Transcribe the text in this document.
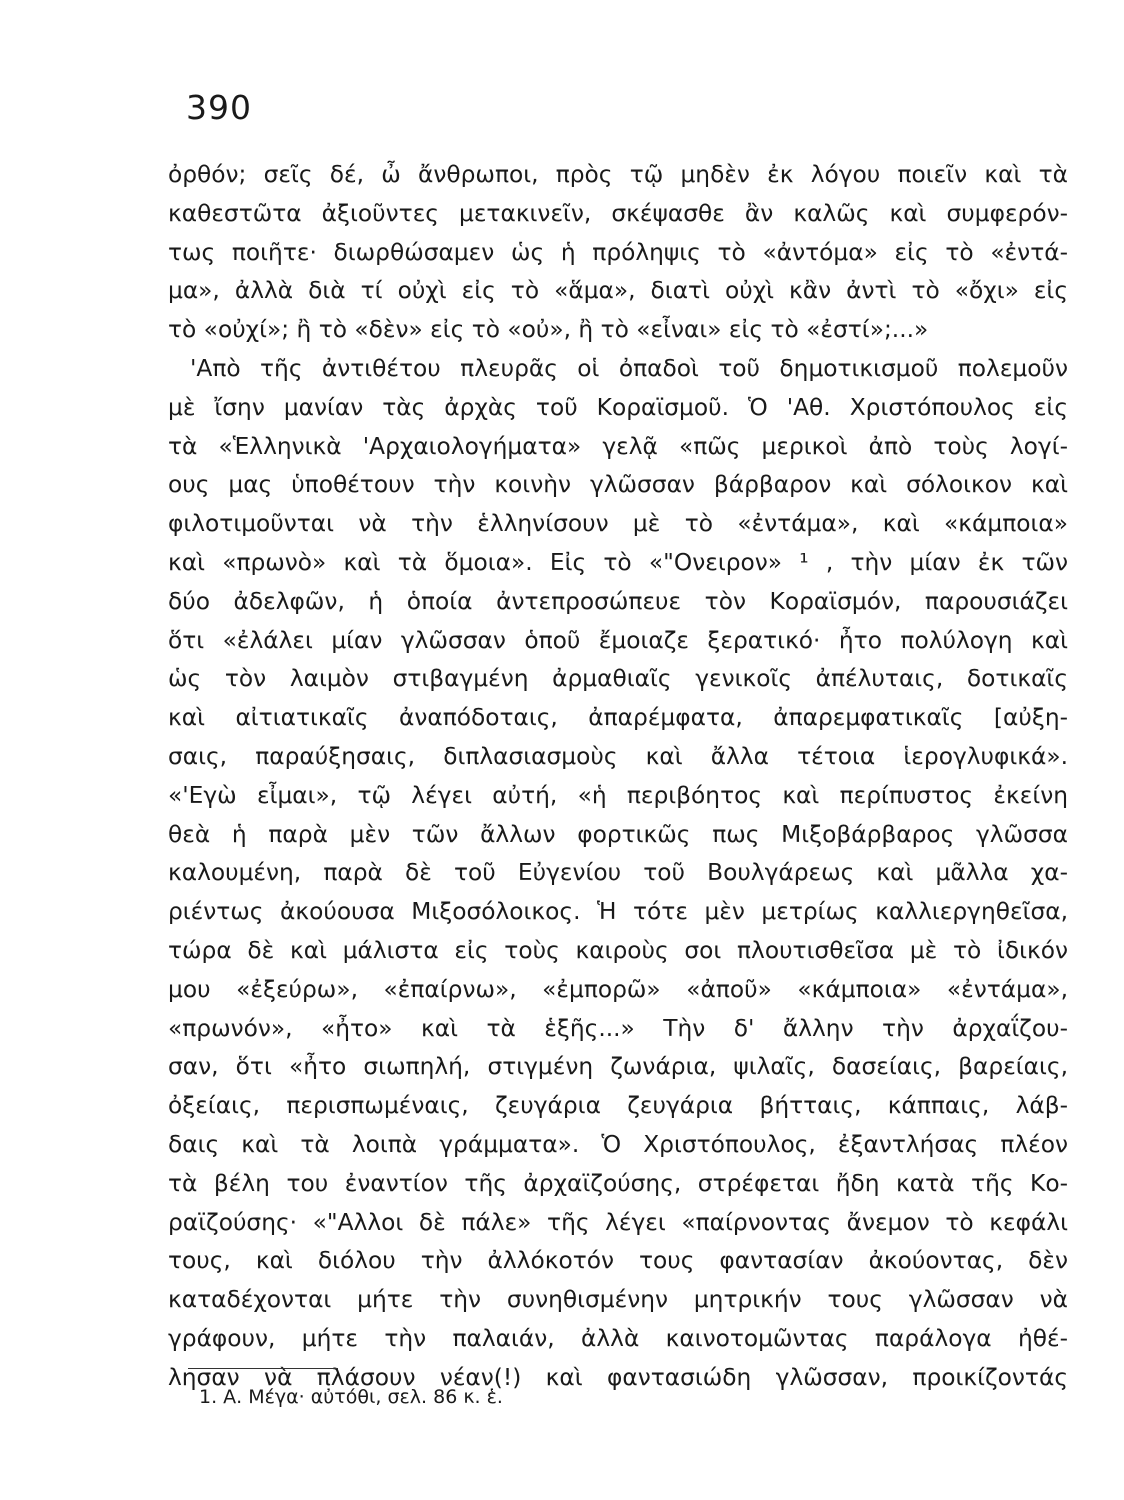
390
ὀρθόν; σεῖς δέ, ὦ ἄνθρωποι, πρὸς τῷ μηδὲν ἐκ λόγου ποιεῖν καὶ τὰ
καθεστῶτα ἀξιοῦντες μετακινεῖν, σκέψασθε ἂν καλῶς καὶ συμφερόν-
τως ποιῆτε· διωρθώσαμεν ὡς ἡ πρόληψις τὸ «ἀντόμα» εἰς τὸ «ἐντά-
μα», ἀλλὰ διὰ τί οὐχὶ εἰς τὸ «ἅμα», διατὶ οὐχὶ κἂν ἀντὶ τὸ «ὄχι» εἰς
τὸ «οὐχί»; ἢ τὸ «δὲν» εἰς τὸ «οὐ», ἢ τὸ «εἶναι» εἰς τὸ «ἐστί»;...»
'Απὸ τῆς ἀντιθέτου πλευρᾶς οἱ ὀπαδοὶ τοῦ δημοτικισμοῦ πολεμοῦν
μὲ ἴσην μανίαν τὰς ἀρχὰς τοῦ Κοραϊσμοῦ. Ὁ 'Αθ. Χριστόπουλος εἰς
τὰ «Ἑλληνικὰ 'Αρχαιολογήματα» γελᾷ «πῶς μερικοὶ ἀπὸ τοὺς λογί-
ους μας ὑποθέτουν τὴν κοινὴν γλῶσσαν βάρβαρον καὶ σόλοικον καὶ
φιλοτιμοῦνται νὰ τὴν ἑλληνίσουν μὲ τὸ «ἐντάμα», καὶ «κάμποια»
καὶ «πρωνὸ» καὶ τὰ ὅμοια». Εἰς τὸ «"Ονειρον» ¹ , τὴν μίαν ἐκ τῶν
δύο ἀδελφῶν, ἡ ὁποία ἀντεπροσώπευε τὸν Κοραϊσμόν, παρουσιάζει
ὅτι «ἐλάλει μίαν γλῶσσαν ὁποῦ ἔμοιαζε ξερατικό· ἦτο πολύλογη καὶ
ὡς τὸν λαιμὸν στιβαγμένη ἀρμαθιαῖς γενικοῖς ἀπέλυταις, δοτικαῖς
καὶ αἰτιατικαῖς ἀναπόδοταις, ἀπαρέμφατα, ἀπαρεμφατικαῖς [αὐξη-
σαις, παραύξησαις, διπλασιασμοὺς καὶ ἄλλα τέτοια ἱερογλυφικά».
«'Εγὼ εἶμαι», τῷ λέγει αὐτή, «ἡ περιβόητος καὶ περίπυστος ἐκείνη
θεὰ ἡ παρὰ μὲν τῶν ἄλλων φορτικῶς πως Μιξοβάρβαρος γλῶσσα
καλουμένη, παρὰ δὲ τοῦ Εὐγενίου τοῦ Βουλγάρεως καὶ μᾶλλα χα-
ριέντως ἀκούουσα Μιξοσόλοικος. Ἡ τότε μὲν μετρίως καλλιεργηθεῖσα,
τώρα δὲ καὶ μάλιστα εἰς τοὺς καιροὺς σοι πλουτισθεῖσα μὲ τὸ ἰδικόν
μου «ἐξεύρω», «ἐπαίρνω», «ἐμπορῶ» «ἀποῦ» «κάμποια» «ἐντάμα»,
«πρωνόν», «ἦτο» καὶ τὰ ἑξῆς...» Τὴν δ' ἄλλην τὴν ἀρχαΐζου-
σαν, ὅτι «ἦτο σιωπηλή, στιγμένη ζωνάρια, ψιλαῖς, δασείαις, βαρείαις,
ὀξείαις, περισπωμέναις, ζευγάρια ζευγάρια βήτταις, κάππαις, λάβ-
δαις καὶ τὰ λοιπὰ γράμματα». Ὁ Χριστόπουλος, ἐξαντλήσας πλέον
τὰ βέλη του ἐναντίον τῆς ἀρχαϊζούσης, στρέφεται ἤδη κατὰ τῆς Κο-
ραϊζούσης· «"Αλλοι δὲ πάλε» τῆς λέγει «παίρνοντας ἄνεμον τὸ κεφάλι
τους, καὶ διόλου τὴν ἀλλόκοτόν τους φαντασίαν ἀκούοντας, δὲν
καταδέχονται μήτε τὴν συνηθισμένην μητρικήν τους γλῶσσαν νὰ
γράφουν, μήτε τὴν παλαιάν, ἀλλὰ καινοτομῶντας παράλογα ἠθέ-
λησαν νὰ πλάσουν νέαν(!) καὶ φαντασιώδη γλῶσσαν, προικίζοντάς
1. Α. Μέγα· αὐτόθι, σελ. 86 κ. ἑ.
